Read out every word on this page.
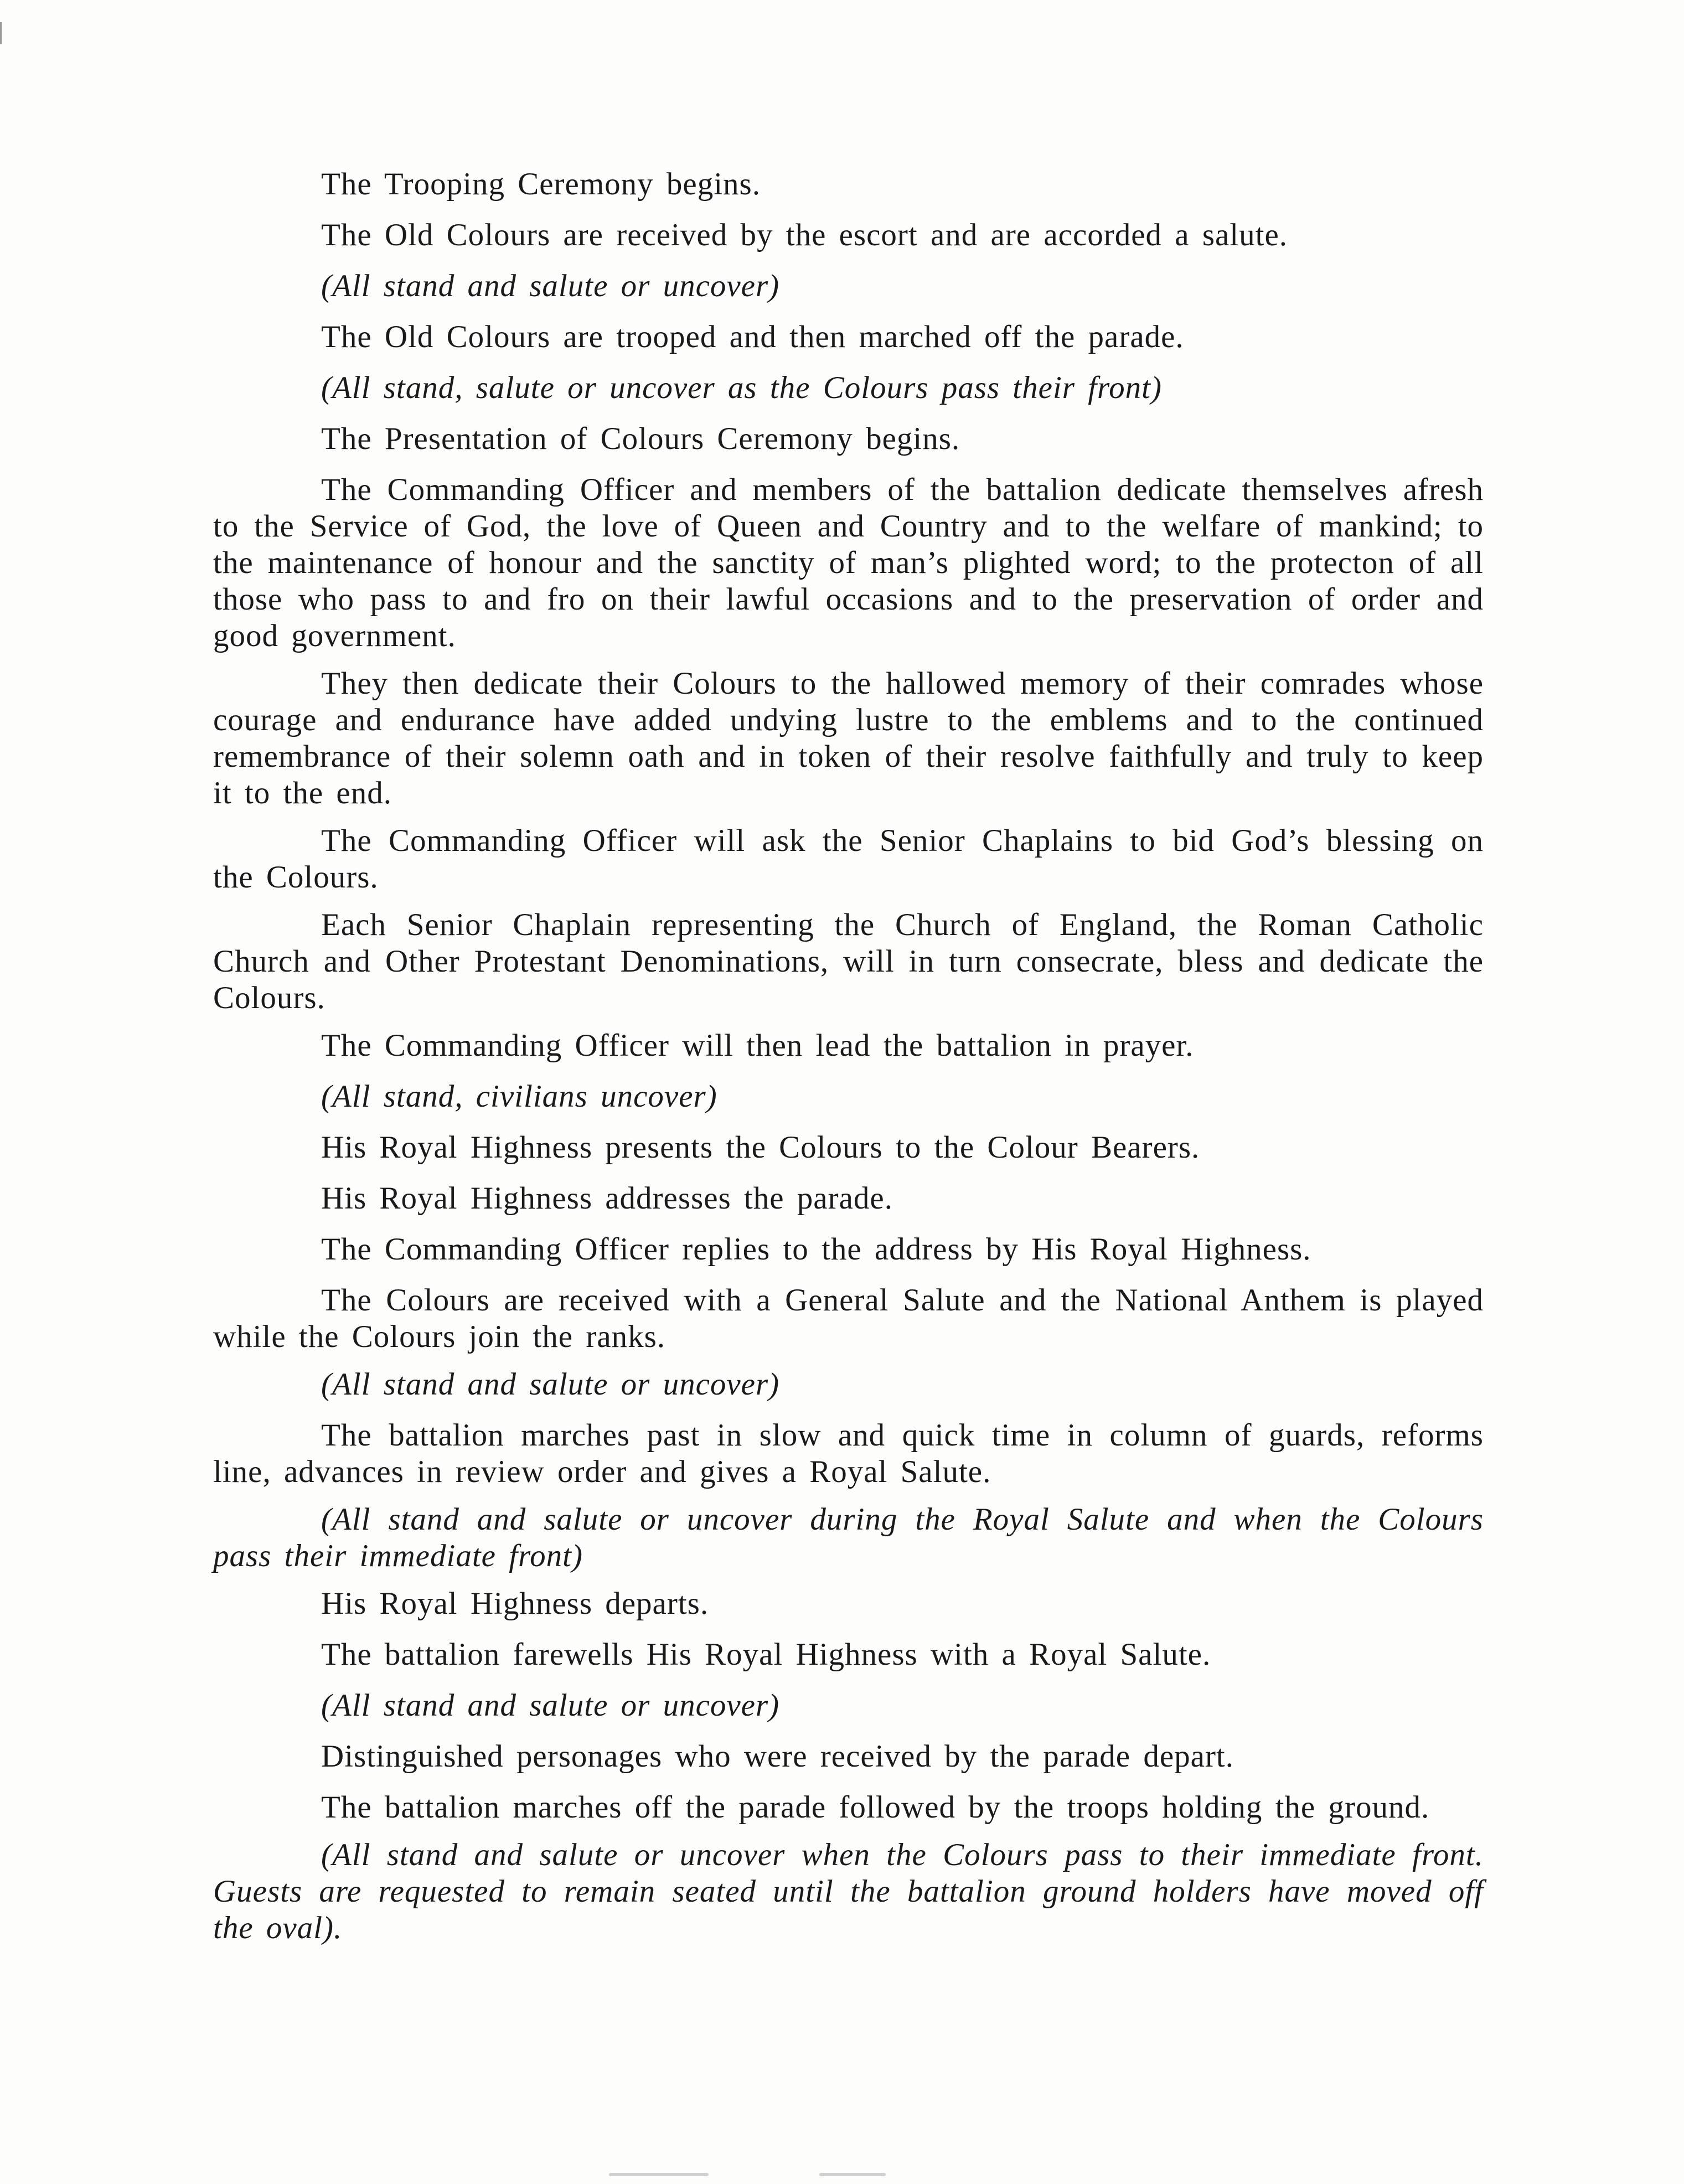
The Trooping Ceremony begins.

The Old Colours are received by the escort and are accorded a salute.

(All stand and salute or uncover)

The Old Colours are trooped and then marched off the parade.

(All stand, salute or uncover as the Colours pass their front)

The Presentation of Colours Ceremony begins.

The Commanding Officer and members of the battalion dedicate themselves afresh to the Service of God, the love of Queen and Country and to the welfare of mankind; to the maintenance of honour and the sanctity of man’s plighted word; to the protecton of all those who pass to and fro on their lawful occasions and to the preservation of order and good government.

They then dedicate their Colours to the hallowed memory of their comrades whose courage and endurance have added undying lustre to the emblems and to the continued remembrance of their solemn oath and in token of their resolve faithfully and truly to keep it to the end.

The Commanding Officer will ask the Senior Chaplains to bid God’s blessing on the Colours.

Each Senior Chaplain representing the Church of England, the Roman Catholic Church and Other Protestant Denominations, will in turn consecrate, bless and dedicate the Colours.

The Commanding Officer will then lead the battalion in prayer.

(All stand, civilians uncover)

His Royal Highness presents the Colours to the Colour Bearers.

His Royal Highness addresses the parade.

The Commanding Officer replies to the address by His Royal Highness.

The Colours are received with a General Salute and the National Anthem is played while the Colours join the ranks.

(All stand and salute or uncover)

The battalion marches past in slow and quick time in column of guards, reforms line, advances in review order and gives a Royal Salute.

(All stand and salute or uncover during the Royal Salute and when the Colours pass their immediate front)

His Royal Highness departs.

The battalion farewells His Royal Highness with a Royal Salute.

(All stand and salute or uncover)

Distinguished personages who were received by the parade depart.

The battalion marches off the parade followed by the troops holding the ground.

(All stand and salute or uncover when the Colours pass to their immediate front. Guests are requested to remain seated until the battalion ground holders have moved off the oval).
